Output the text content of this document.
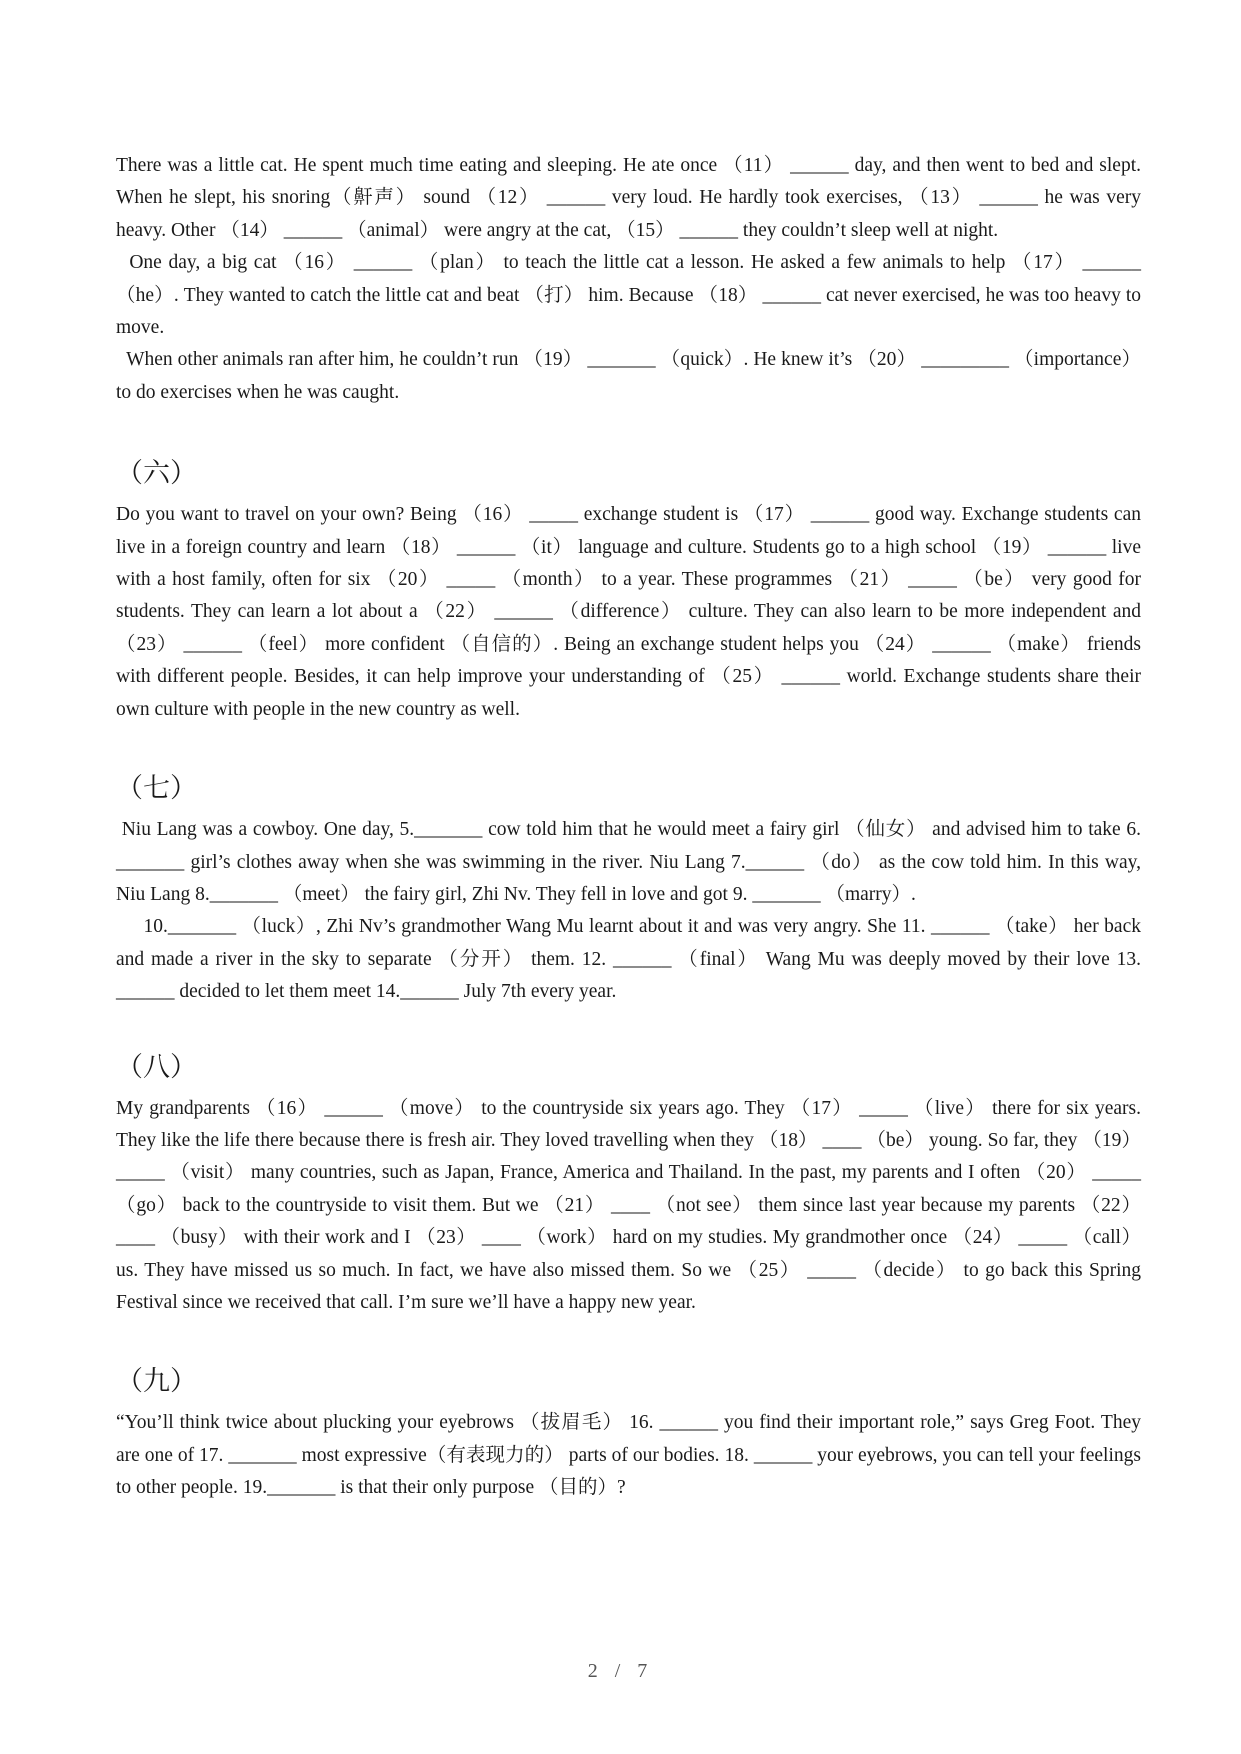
There was a little cat. He spent much time eating and sleeping. He ate once （11） ______ day, and then went to bed and slept. When he slept, his snoring（鼾声） sound （12） ______ very loud. He hardly took exercises, （13） ______ he was very heavy. Other （14） ______ （animal） were angry at the cat, （15） ______ they couldn’t sleep well at night.

One day, a big cat （16） ______ （plan） to teach the little cat a lesson. He asked a few animals to help （17） ______ （he）. They wanted to catch the little cat and beat （打） him. Because （18） ______ cat never exercised, he was too heavy to move.

When other animals ran after him, he couldn’t run （19） _______ （quick）. He knew it’s （20） _________ （importance） to do exercises when he was caught.

（六）

Do you want to travel on your own? Being （16） _____ exchange student is （17） ______ good way. Exchange students can live in a foreign country and learn （18） ______ （it） language and culture. Students go to a high school （19） ______ live with a host family, often for six （20） _____ （month） to a year. These programmes （21） _____ （be） very good for students. They can learn a lot about a （22） ______ （difference） culture. They can also learn to be more independent and （23） ______ （feel） more confident （自信的）. Being an exchange student helps you （24） ______ （make） friends with different people. Besides, it can help improve your understanding of （25） ______ world. Exchange students share their own culture with people in the new country as well.

（七）

Niu Lang was a cowboy. One day, 5._______ cow told him that he would meet a fairy girl （仙女） and advised him to take 6. _______ girl’s clothes away when she was swimming in the river. Niu Lang 7.______ （do） as the cow told him. In this way, Niu Lang 8._______ （meet） the fairy girl, Zhi Nv. They fell in love and got 9. _______ （marry）.
10._______ （luck）, Zhi Nv’s grandmother Wang Mu learnt about it and was very angry. She 11. ______ （take） her back and made a river in the sky to separate （分开） them. 12. ______ （final） Wang Mu was deeply moved by their love 13. ______ decided to let them meet 14.______ July 7th every year.

（八）

My grandparents （16） ______ （move） to the countryside six years ago. They （17） _____ （live） there for six years. They like the life there because there is fresh air. They loved travelling when they （18） ____ （be） young. So far, they （19） _____ （visit） many countries, such as Japan, France, America and Thailand. In the past, my parents and I often （20） _____ （go） back to the countryside to visit them. But we （21） ____ （not see） them since last year because my parents （22） ____ （busy） with their work and I （23） ____ （work） hard on my studies. My grandmother once （24） _____ （call） us. They have missed us so much. In fact, we have also missed them. So we （25） _____ （decide） to go back this Spring Festival since we received that call. I’m sure we’ll have a happy new year.

（九）

“You’ll think twice about plucking your eyebrows （拔眉毛） 16. ______ you find their important role,” says Greg Foot. They are one of 17. _______ most expressive（有表现力的） parts of our bodies. 18. ______ your eyebrows, you can tell your feelings to other people. 19._______ is that their only purpose （目的）?

2 / 7
